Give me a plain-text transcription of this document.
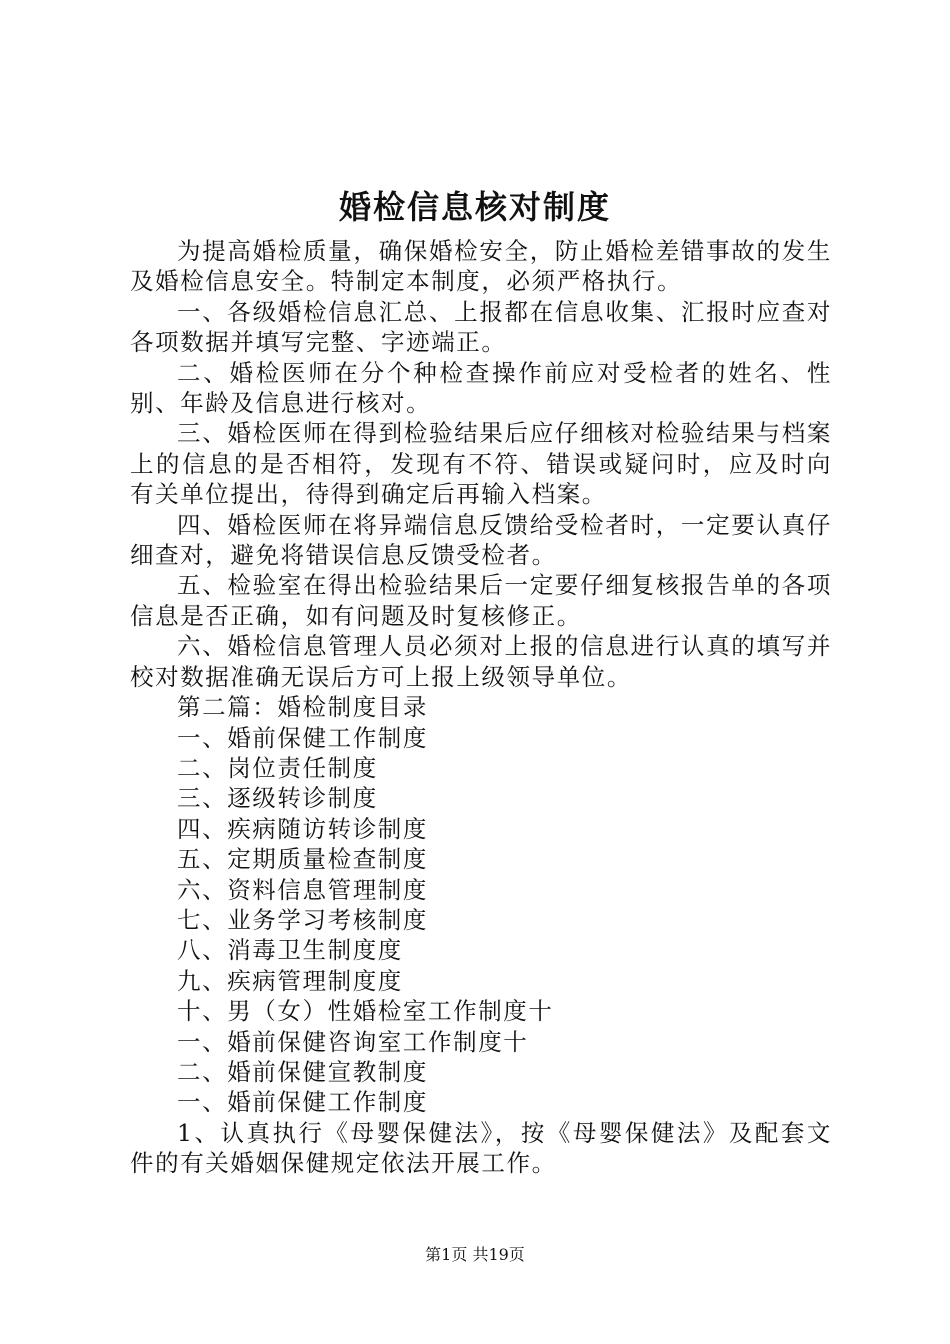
婚检信息核对制度

为提高婚检质量，确保婚检安全，防止婚检差错事故的发生及婚检信息安全。特制定本制度，必须严格执行。

一、各级婚检信息汇总、上报都在信息收集、汇报时应查对各项数据并填写完整、字迹端正。

二、婚检医师在分个种检查操作前应对受检者的姓名、性别、年龄及信息进行核对。

三、婚检医师在得到检验结果后应仔细核对检验结果与档案上的信息的是否相符，发现有不符、错误或疑问时，应及时向有关单位提出，待得到确定后再输入档案。

四、婚检医师在将异端信息反馈给受检者时，一定要认真仔细查对，避免将错误信息反馈受检者。

五、检验室在得出检验结果后一定要仔细复核报告单的各项信息是否正确，如有问题及时复核修正。

六、婚检信息管理人员必须对上报的信息进行认真的填写并校对数据准确无误后方可上报上级领导单位。

第二篇：婚检制度目录

一、婚前保健工作制度

二、岗位责任制度

三、逐级转诊制度

四、疾病随访转诊制度

五、定期质量检查制度

六、资料信息管理制度

七、业务学习考核制度

八、消毒卫生制度度

九、疾病管理制度度

十、男（女）性婚检室工作制度十

一、婚前保健咨询室工作制度十

二、婚前保健宣教制度

一、婚前保健工作制度

1、认真执行《母婴保健法》，按《母婴保健法》及配套文件的有关婚姻保健规定依法开展工作。

第1页 共19页
